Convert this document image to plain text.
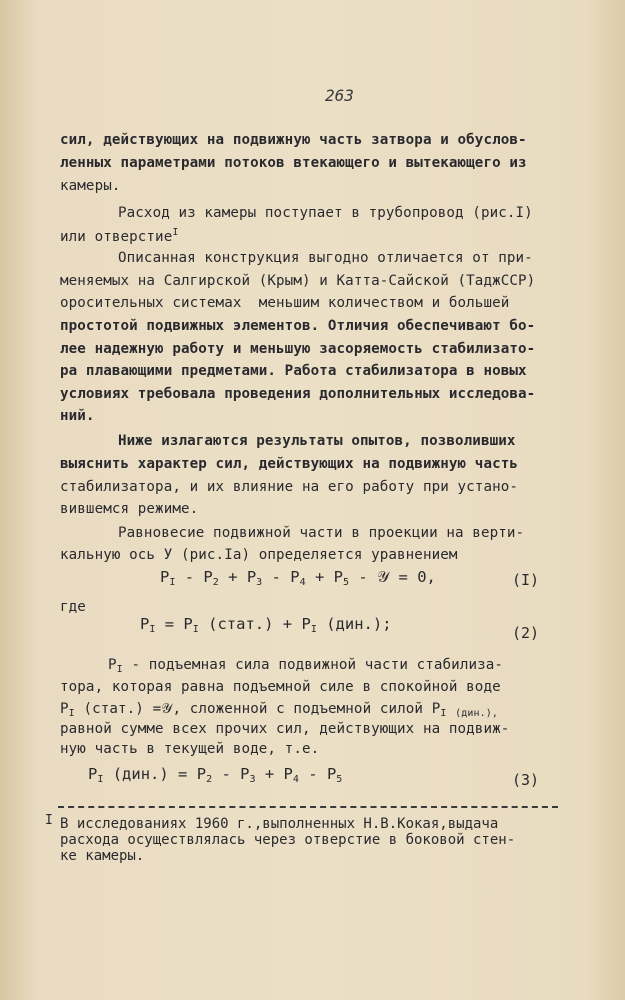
263
сил, действующих на подвижную часть затвора и обуслов-
ленных параметрами потоков втекающего и вытекающего из
камеры.
Расход из камеры поступает в трубопровод (рис.I)
или отверстие$^I$
Описанная конструкция выгодно отличается от при-
меняемых на Салгирской (Крым) и Катта-Сайской (ТаджССР)
оросительных системах  меньшим количеством и большей
простотой подвижных элементов. Отличия обеспечивают бо-
лее надежную работу и меньшую засоряемость стабилизато-
ра плавающими предметами. Работа стабилизатора в новых
условиях требовала проведения дополнительных исследова-
ний.
Ниже излагаются результаты опытов, позволивших
выяснить характер сил, действующих на подвижную часть
стабилизатора, и их влияние на его работу при устано-
вившемся режиме.
Равновесие подвижной части в проекции на верти-
кальную ось У (рис.Iа) определяется уравнением
$P_I - P_2 + P_3 - P_4 + P_5$ - 𝒴 = 0,	(I)
где
$P_I = P_I$ (стат.) + $P_I$ (дин.);	(2)
$P_I$ - подъемная сила подвижной части стабилиза-
тора, которая равна подъемной силе в спокойной воде
$P_I$ (стат.) =𝒴, сложенной с подъемной силой $P_I$ $_{(дин.),}$
равной сумме всех прочих сил, действующих на подвиж-
ную часть в текущей воде, т.е.
$P_I$ $(дин.) = P_2 - P_3 + P_4 - P_5$	(3)
I В исследованиях 1960 г.,выполненных Н.В.Кокая,выдача
расхода осуществлялась через отверстие в боковой стен-
ке камеры.
